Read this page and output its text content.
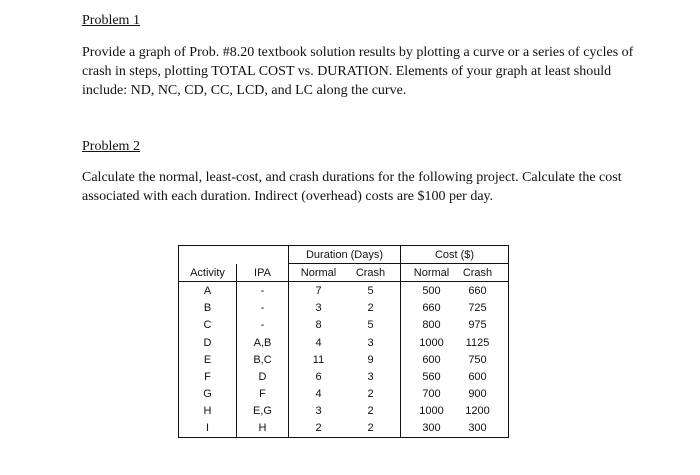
Problem 1

Provide a graph of Prob. #8.20 textbook solution results by plotting a curve or a series of cycles of crash in steps, plotting TOTAL COST vs. DURATION. Elements of your graph at least should include: ND, NC, CD, CC, LCD, and LC along the curve.

Problem 2

Calculate the normal, least-cost, and crash durations for the following project. Calculate the cost associated with each duration. Indirect (overhead) costs are $100 per day.

		Duration (Days)	Cost ($)
Activity	IPA	Normal Crash	Normal Crash
A	-	7 5	500 660
B	-	3 2	660 725
C	-	8 5	800 975
D	A,B	4 3	1000 1125
E	B,C	11 9	600 750
F	D	6 3	560 600
G	F	4 2	700 900
H	E,G	3 2	1000 1200
I	H	2 2	300 300
